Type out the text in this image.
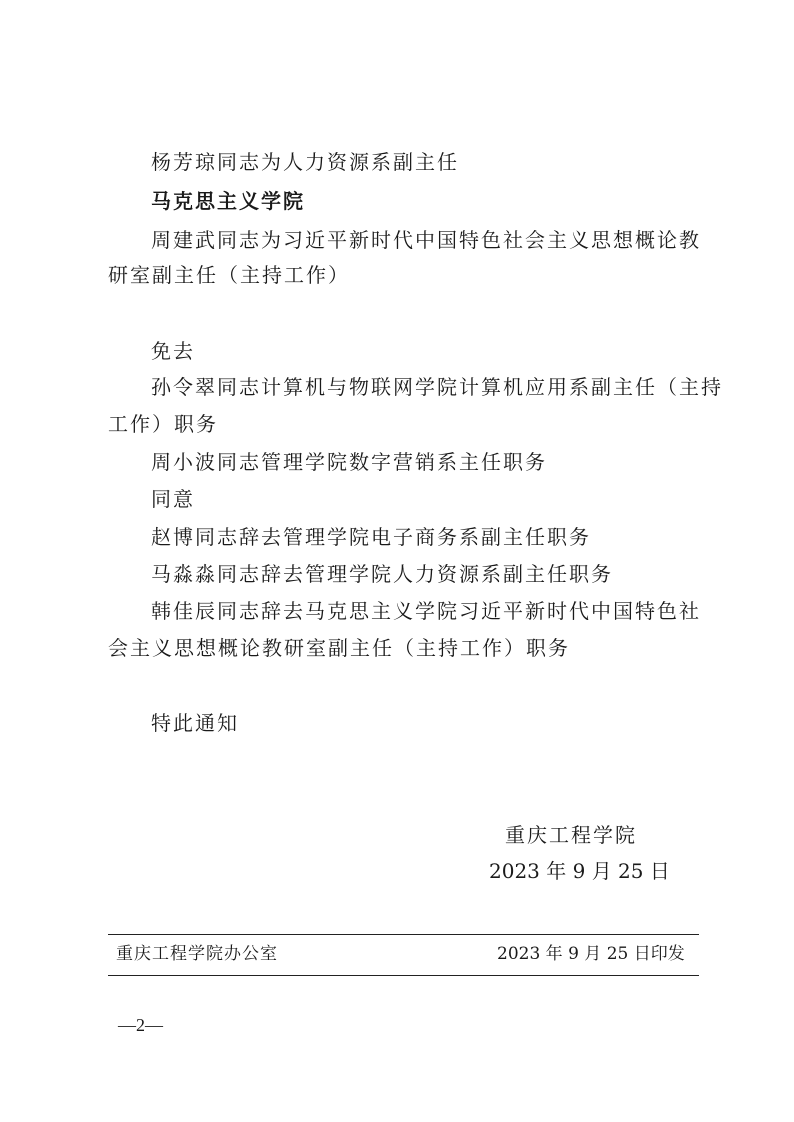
杨芳琼同志为人力资源系副主任
马克思主义学院
周建武同志为习近平新时代中国特色社会主义思想概论教
研室副主任（主持工作）
免去
孙令翠同志计算机与物联网学院计算机应用系副主任（主持
工作）职务
周小波同志管理学院数字营销系主任职务
同意
赵博同志辞去管理学院电子商务系副主任职务
马淼淼同志辞去管理学院人力资源系副主任职务
韩佳辰同志辞去马克思主义学院习近平新时代中国特色社
会主义思想概论教研室副主任（主持工作）职务
特此通知
重庆工程学院
2023 年 9 月 25 日
重庆工程学院办公室	2023 年 9 月 25 日印发
—2—
